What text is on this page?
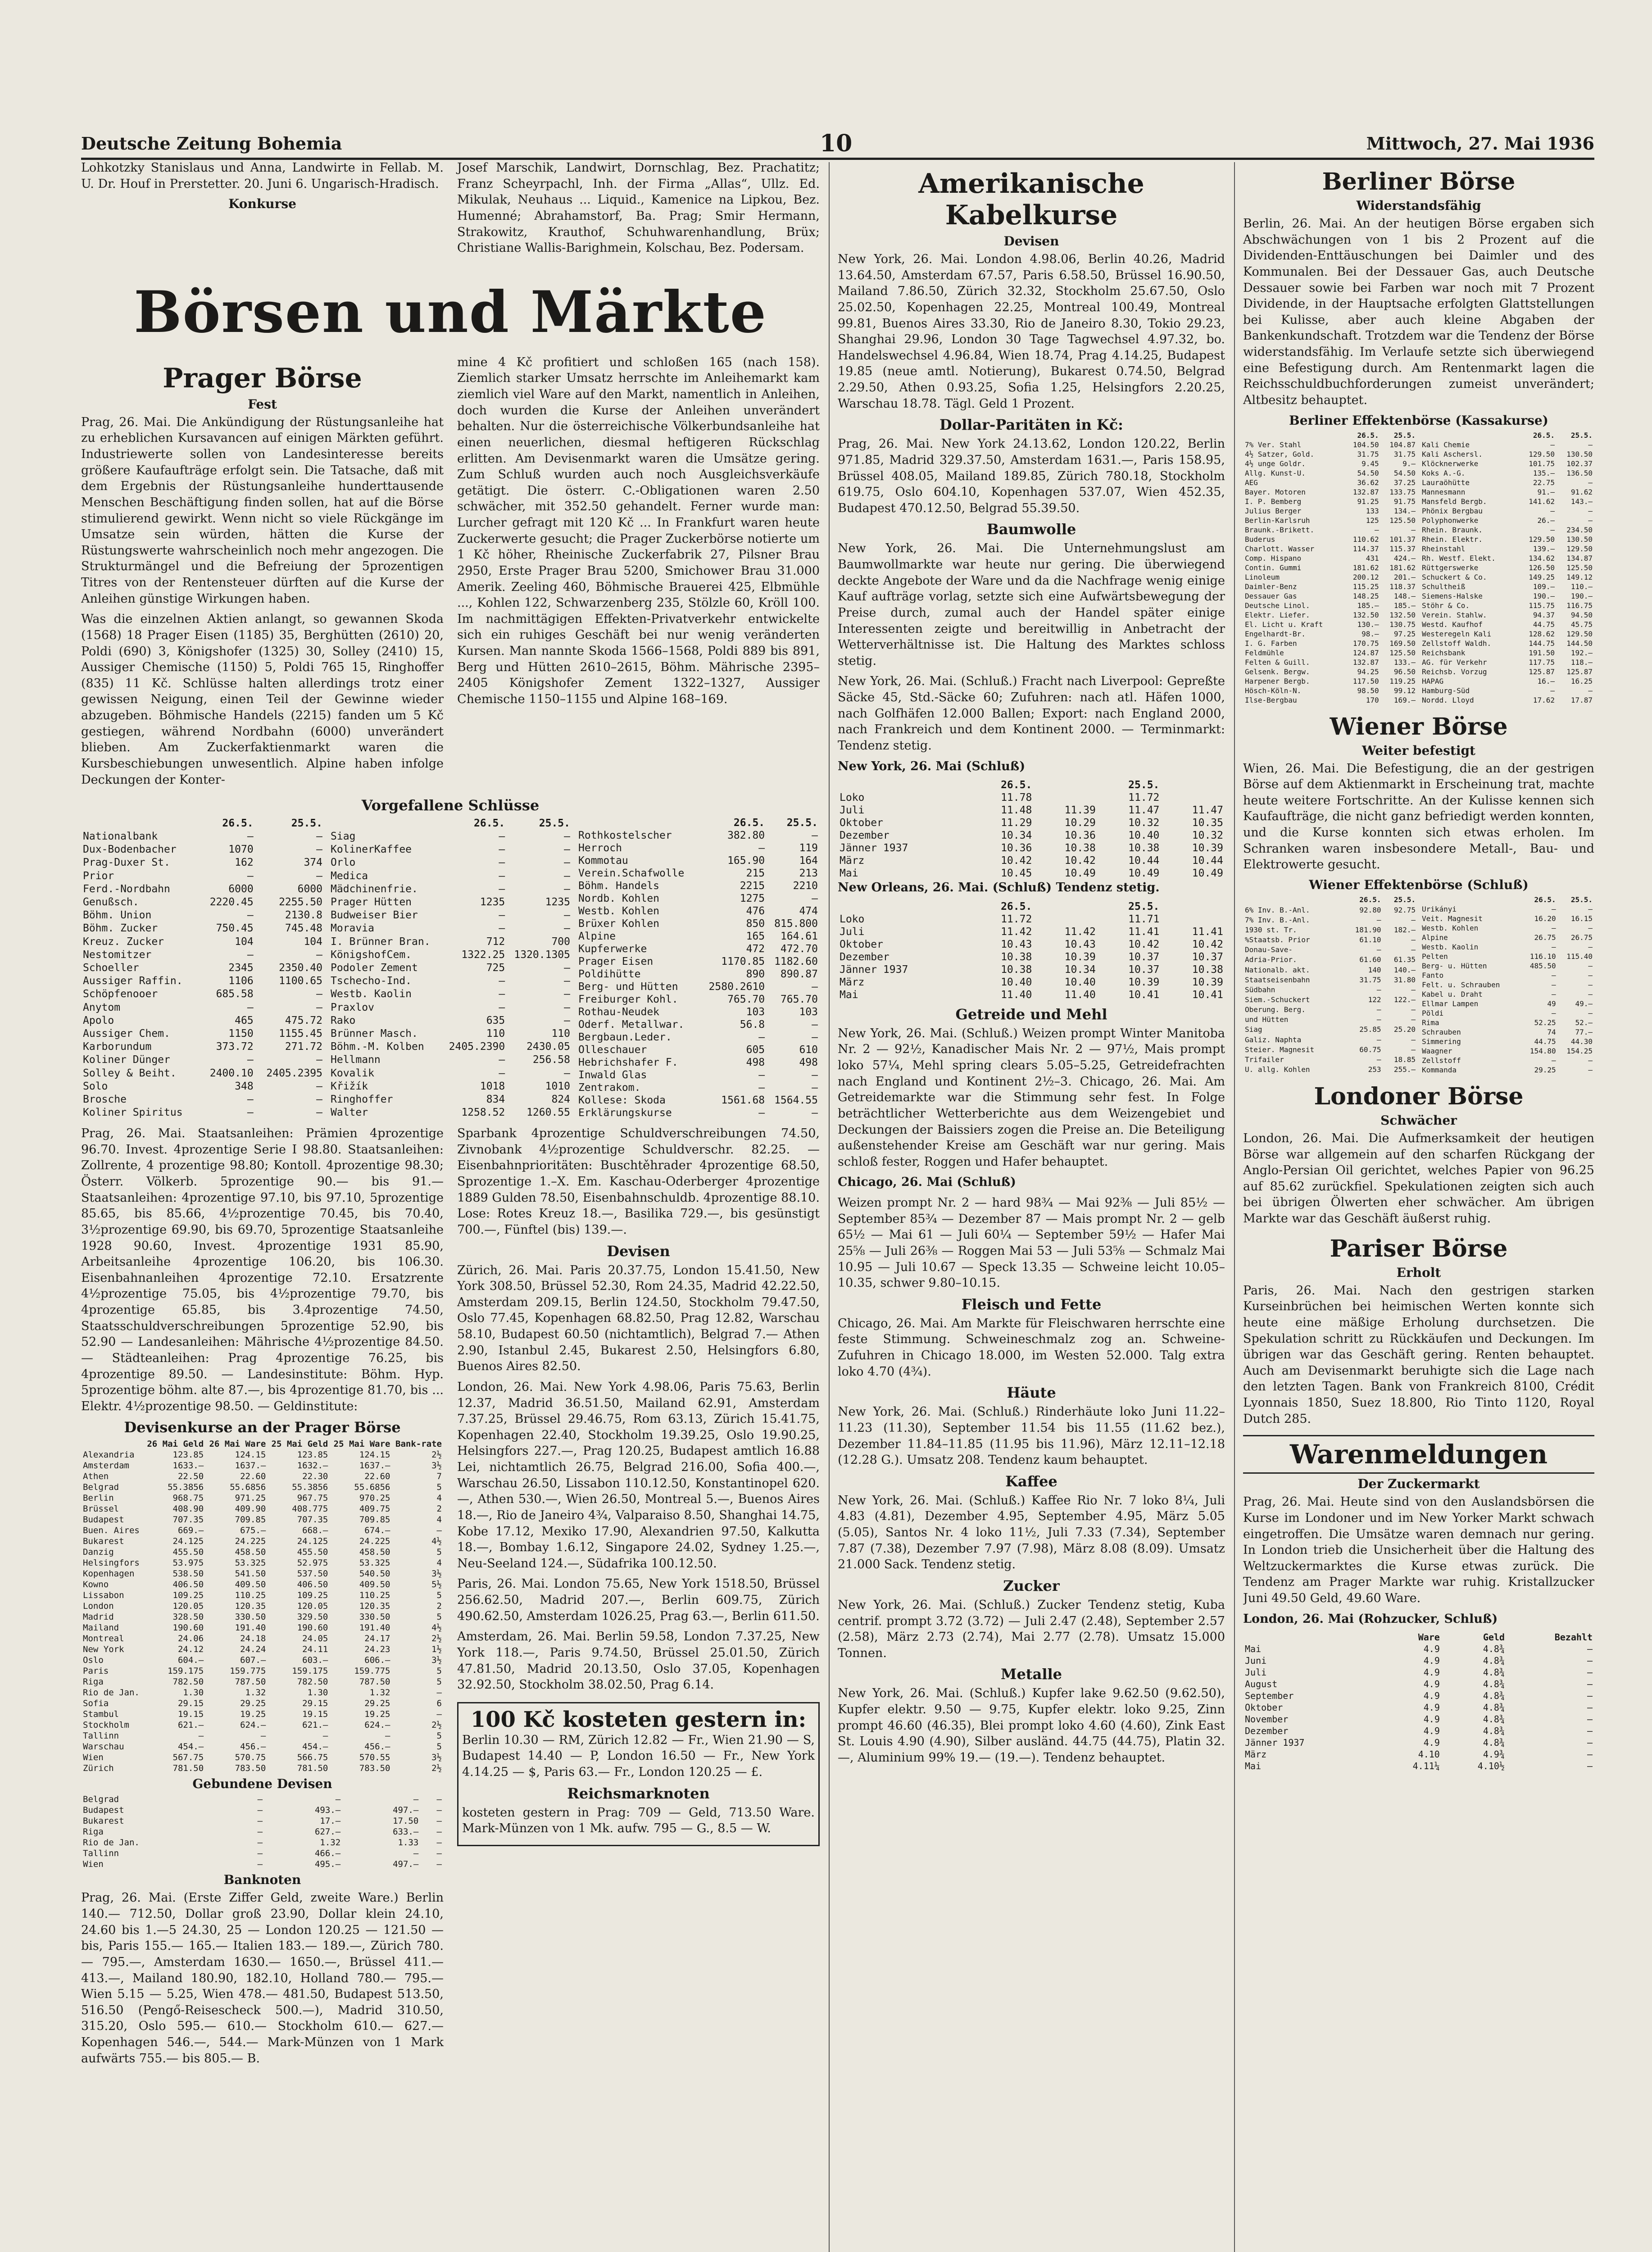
Deutsche Zeitung Bohemia	10	Mittwoch, 27. Mai 1936

Lohkotzky Stanislaus und Anna, Landwirte in Fellab. M. U. Dr. Houf in Prerstetter. 20. Juni 6. Ungarisch-Hradisch.

Konkurse

Josef Marschik, Landwirt, Dornschlag, Bez. Prachatitz; Franz Scheyrpachl, Inh. der Firma „Allas“, Ullz. Ed. Mikulak, Neuhaus ... Liquid., Kamenice na Lipkou, Bez. Humenné; Abrahamstorf, Ba. Prag; Smir Hermann, Strakowitz, Krauthof, Schuhwarenhandlung, Brüx; Christiane Wallis-Barighmein, Kolschau, Bez. Podersam.

Börsen und Märkte
Prager Börse
Fest

Prag, 26. Mai. Die Ankündigung der Rüstungsanleihe hat zu erheblichen Kursavancen auf einigen Märkten geführt. Industriewerte sollen von Landesinteresse bereits größere Kaufaufträge erfolgt sein. Die Tatsache, daß mit dem Ergebnis der Rüstungsanleihe hunderttausende Menschen Beschäftigung finden sollen, hat auf die Börse stimulierend gewirkt. Wenn nicht so viele Rückgänge im Umsatze sein würden, hätten die Kurse der Rüstungswerte wahrscheinlich noch mehr angezogen. Die Strukturmängel und die Befreiung der 5prozentigen Titres von der Rentensteuer dürften auf die Kurse der Anleihen günstige Wirkungen haben.

Was die einzelnen Aktien anlangt, so gewannen Skoda (1568) 18 Prager Eisen (1185) 35, Berghütten (2610) 20, Poldi (690) 3, Königshofer (1325) 30, Solley (2410) 15, Aussiger Chemische (1150) 5, Poldi 765 15, Ringhoffer (835) 11 Kč. Schlüsse halten allerdings trotz einer gewissen Neigung, einen Teil der Gewinne wieder abzugeben. Böhmische Handels (2215) fanden um 5 Kč gestiegen, während Nordbahn (6000) unverändert blieben. Am Zuckerfaktienmarkt waren die Kursbeschiebungen unwesentlich. Alpine haben infolge Deckungen der Konter-

mine 4 Kč profitiert und schloßen 165 (nach 158). Ziemlich starker Umsatz herrschte im Anleihemarkt kam ziemlich viel Ware auf den Markt, namentlich in Anleihen, doch wurden die Kurse der Anleihen unverändert behalten. Nur die österreichische Völkerbundsanleihe hat einen neuerlichen, diesmal heftigeren Rückschlag erlitten. Am Devisenmarkt waren die Umsätze gering. Zum Schluß wurden auch noch Ausgleichsverkäufe getätigt. Die österr. C.-Obligationen waren 2.50 schwächer, mit 352.50 gehandelt. Ferner wurde man: Lurcher gefragt mit 120 Kč ... In Frankfurt waren heute Zuckerwerte gesucht; die Prager Zuckerbörse notierte um 1 Kč höher, Rheinische Zuckerfabrik 27, Pilsner Brau 2950, Erste Prager Brau 5200, Smichower Brau 31.000 Amerik. Zeeling 460, Böhmische Brauerei 425, Elbmühle ..., Kohlen 122, Schwarzenberg 235, Stölzle 60, Kröll 100. Im nachmittägigen Effekten-Privatverkehr entwickelte sich ein ruhiges Geschäft bei nur wenig veränderten Kursen. Man nannte Skoda 1566–1568, Poldi 889 bis 891, Berg und Hütten 2610–2615, Böhm. Mährische 2395–2405 Königshofer Zement 1322–1327, Aussiger Chemische 1150–1155 und Alpine 168–169.

Vorgefallene Schlüsse
	26.5.	25.5.
Nationalbank	—	—
Dux-Bodenbacher	1070	—
Prag-Duxer St.	162	374
Prior	—	—
Ferd.-Nordbahn	6000	6000
Genußsch.	2220.45	2255.50
Böhm. Union	—	2130.8
Böhm. Zucker	750.45	745.48
Kreuz. Zucker	104	104
Nestomitzer	—	—
Schoeller	2345	2350.40
Aussiger Raffin.	1106	1100.65
Schöpfenooer	685.58	—
Anytom	—	—
Apolo	465	475.72
Aussiger Chem.	1150	1155.45
Karborundum	373.72	271.72
Koliner Dünger	—	—
Solley & Beiht.	2400.10	2405.2395
Solo	348	—
Brosche	—	—
Koliner Spiritus	—	—
	26.5.	25.5.
Siag	—	—
KolinerKaffee	—	—
Orlo	—	—
Medica	—	—
Mädchinenfrie.	—	—
Prager Hütten	1235	1235
Budweiser Bier	—	—
Moravia	—	—
I. Brünner Bran.	712	700
KönigshofCem.	1322.25	1320.1305
Podoler Zement	725	—
Tschecho-Ind.	—	—
Westb. Kaolin	—	—
Praxlov	—	—
Rako	635	—
Brünner Masch.	110	110
Böhm.-M. Kolben	2405.2390	2430.05
Hellmann	—	256.58
Kovalik	—	—
Křižík	1018	1010
Ringhoffer	834	824
Walter	1258.52	1260.55
	26.5.	25.5.
Rothkostelscher	382.80	—
Herroch	—	119
Kommotau	165.90	164
Verein.Schafwolle	215	213
Böhm. Handels	2215	2210
Nordb. Kohlen	1275	—
Westb. Kohlen	476	474
Brüxer Kohlen	850	815.800
Alpine	165	164.61
Kupferwerke	472	472.70
Prager Eisen	1170.85	1182.60
Poldihütte	890	890.87
Berg- und Hütten	2580.2610	—
Freiburger Kohl.	765.70	765.70
Rothau-Neudek	103	103
Oderf. Metallwar.	56.8	—
Bergbaun.Leder.	—	—
Olleschauer	605	610
Hebrichshafer F.	498	498
Inwald Glas	—	—
Zentrakom.	—	—
Kollese: Skoda	1561.68	1564.55
Erklärungskurse	—	—

Prag, 26. Mai. Staatsanleihen: Prämien 4prozentige 96.70. Invest. 4prozentige Serie I 98.80. Staatsanleihen: Zollrente, 4 prozentige 98.80; Kontoll. 4prozentige 98.30; Österr. Völkerb. 5prozentige 90.— bis 91.— Staatsanleihen: 4prozentige 97.10, bis 97.10, 5prozentige 85.65, bis 85.66, 4½prozentige 70.45, bis 70.40, 3½prozentige 69.90, bis 69.70, 5prozentige Staatsanleihe 1928 90.60, Invest. 4prozentige 1931 85.90, Arbeitsanleihe 4prozentige 106.20, bis 106.30. Eisenbahnanleihen 4prozentige 72.10. Ersatzrente 4½prozentige 75.05, bis 4½prozentige 79.70, bis 4prozentige 65.85, bis 3.4prozentige 74.50, Staatsschuldverschreibungen 5prozentige 52.90, bis 52.90 — Landesanleihen: Mährische 4½prozentige 84.50. — Städteanleihen: Prag 4prozentige 76.25, bis 4prozentige 89.50. — Landesinstitute: Böhm. Hyp. 5prozentige böhm. alte 87.—, bis 4prozentige 81.70, bis ... Elektr. 4½prozentige 98.50. — Geldinstitute:

Devisenkurse an der Prager Börse
	26 Mai Geld	26 Mai Ware	25 Mai Geld	25 Mai Ware	Bank-rate
Alexandria	123.85	124.15	123.85	124.15	2½
Amsterdam	1633.—	1637.—	1632.—	1637.—	3½
Athen	22.50	22.60	22.30	22.60	7
Belgrad	55.3856	55.6856	55.3856	55.6856	5
Berlin	968.75	971.25	967.75	970.25	4
Brüssel	408.90	409.90	408.775	409.75	2
Budapest	707.35	709.85	707.35	709.85	4
Buen. Aires	669.—	675.—	668.—	674.—	—
Bukarest	24.125	24.225	24.125	24.225	4½
Danzig	455.50	458.50	455.50	458.50	5
Helsingfors	53.975	53.325	52.975	53.325	4
Kopenhagen	538.50	541.50	537.50	540.50	3½
Kowno	406.50	409.50	406.50	409.50	5½
Lissabon	109.25	110.25	109.25	110.25	5
London	120.05	120.35	120.05	120.35	2
Madrid	328.50	330.50	329.50	330.50	5
Mailand	190.60	191.40	190.60	191.40	4½
Montreal	24.06	24.18	24.05	24.17	2½
New York	24.12	24.24	24.11	24.23	1½
Oslo	604.—	607.—	603.—	606.—	3½
Paris	159.175	159.775	159.175	159.775	5
Riga	782.50	787.50	782.50	787.50	5
Rio de Jan.	1.30	1.32	1.30	1.32	—
Sofia	29.15	29.25	29.15	29.25	6
Stambul	19.15	19.25	19.15	19.25	—
Stockholm	621.—	624.—	621.—	624.—	2½
Tallinn	—	—	—	—	5
Warschau	454.—	456.—	454.—	456.—	5
Wien	567.75	570.75	566.75	570.55	3½
Zürich	781.50	783.50	781.50	783.50	2½
Gebundene Devisen
Belgrad	—	—	—	—
Budapest	—	493.—	497.—	—
Bukarest	—	17.—	17.50	—
Riga	—	627.—	633.—	—
Rio de Jan.	—	1.32	1.33	—
Tallinn	—	466.—	—	—
Wien	—	495.—	497.—	—
Banknoten

Prag, 26. Mai. (Erste Ziffer Geld, zweite Ware.) Berlin 140.— 712.50, Dollar groß 23.90, Dollar klein 24.10, 24.60 bis 1.—5 24.30, 25 — London 120.25 — 121.50 — bis, Paris 155.— 165.— Italien 183.— 189.—, Zürich 780.— 795.—, Amsterdam 1630.— 1650.—, Brüssel 411.— 413.—, Mailand 180.90, 182.10, Holland 780.— 795.— Wien 5.15 — 5.25, Wien 478.— 481.50, Budapest 513.50, 516.50 (Pengő-Reisescheck 500.—), Madrid 310.50, 315.20, Oslo 595.— 610.— Stockholm 610.— 627.— Kopenhagen 546.—, 544.— Mark-Münzen von 1 Mark aufwärts 755.— bis 805.— B.

Sparbank 4prozentige Schuldverschreibungen 74.50, Zivnobank 4½prozentige Schuldverschr. 82.25. — Eisenbahnprioritäten: Buschtěhrader 4prozentige 68.50, Sprozentige 1.–X. Em. Kaschau-Oderberger 4prozentige 1889 Gulden 78.50, Eisenbahnschuldb. 4prozentige 88.10. Lose: Rotes Kreuz 18.—, Basilika 729.—, bis gesünstigt 700.—, Fünftel (bis) 139.—.

Devisen

Zürich, 26. Mai. Paris 20.37.75, London 15.41.50, New York 308.50, Brüssel 52.30, Rom 24.35, Madrid 42.22.50, Amsterdam 209.15, Berlin 124.50, Stockholm 79.47.50, Oslo 77.45, Kopenhagen 68.82.50, Prag 12.82, Warschau 58.10, Budapest 60.50 (nichtamtlich), Belgrad 7.— Athen 2.90, Istanbul 2.45, Bukarest 2.50, Helsingfors 6.80, Buenos Aires 82.50.

London, 26. Mai. New York 4.98.06, Paris 75.63, Berlin 12.37, Madrid 36.51.50, Mailand 62.91, Amsterdam 7.37.25, Brüssel 29.46.75, Rom 63.13, Zürich 15.41.75, Kopenhagen 22.40, Stockholm 19.39.25, Oslo 19.90.25, Helsingfors 227.—, Prag 120.25, Budapest amtlich 16.88 Lei, nichtamtlich 26.75, Belgrad 216.00, Sofia 400.—, Warschau 26.50, Lissabon 110.12.50, Konstantinopel 620.—, Athen 530.—, Wien 26.50, Montreal 5.—, Buenos Aires 18.—, Rio de Janeiro 4¾, Valparaiso 8.50, Shanghai 14.75, Kobe 17.12, Mexiko 17.90, Alexandrien 97.50, Kalkutta 18.—, Bombay 1.6.12, Singapore 24.02, Sydney 1.25.—, Neu-Seeland 124.—, Südafrika 100.12.50.

Paris, 26. Mai. London 75.65, New York 1518.50, Brüssel 256.62.50, Madrid 207.—, Berlin 609.75, Zürich 490.62.50, Amsterdam 1026.25, Prag 63.—, Berlin 611.50.

Amsterdam, 26. Mai. Berlin 59.58, London 7.37.25, New York 118.—, Paris 9.74.50, Brüssel 25.01.50, Zürich 47.81.50, Madrid 20.13.50, Oslo 37.05, Kopenhagen 32.92.50, Stockholm 38.02.50, Prag 6.14.

100 Kč kosteten gestern in:

Berlin 10.30 — RM, Zürich 12.82 — Fr., Wien 21.90 — S, Budapest 14.40 — P, London 16.50 — Fr., New York 4.14.25 — $, Paris 63.— Fr., London 120.25 — £.

Reichsmarknoten

kosteten gestern in Prag: 709 — Geld, 713.50 Ware. Mark-Münzen von 1 Mk. aufw. 795 — G., 8.5 — W.

Amerikanische Kabelkurse
Devisen

New York, 26. Mai. London 4.98.06, Berlin 40.26, Madrid 13.64.50, Amsterdam 67.57, Paris 6.58.50, Brüssel 16.90.50, Mailand 7.86.50, Zürich 32.32, Stockholm 25.67.50, Oslo 25.02.50, Kopenhagen 22.25, Montreal 100.49, Montreal 99.81, Buenos Aires 33.30, Rio de Janeiro 8.30, Tokio 29.23, Shanghai 29.96, London 30 Tage Tagwechsel 4.97.32, bo. Handelswechsel 4.96.84, Wien 18.74, Prag 4.14.25, Budapest 19.85 (neue amtl. Notierung), Bukarest 0.74.50, Belgrad 2.29.50, Athen 0.93.25, Sofia 1.25, Helsingfors 2.20.25, Warschau 18.78. Tägl. Geld 1 Prozent.

Dollar-Paritäten in Kč:

Prag, 26. Mai. New York 24.13.62, London 120.22, Berlin 971.85, Madrid 329.37.50, Amsterdam 1631.—, Paris 158.95, Brüssel 408.05, Mailand 189.85, Zürich 780.18, Stockholm 619.75, Oslo 604.10, Kopenhagen 537.07, Wien 452.35, Budapest 470.12.50, Belgrad 55.39.50.

Baumwolle

New York, 26. Mai. Die Unternehmungslust am Baumwollmarkte war heute nur gering. Die überwiegend deckte Angebote der Ware und da die Nachfrage wenig einige Kauf aufträge vorlag, setzte sich eine Aufwärtsbewegung der Preise durch, zumal auch der Handel später einige Interessenten zeigte und bereitwillig in Anbetracht der Wetterverhältnisse ist. Die Haltung des Marktes schloss stetig.

New York, 26. Mai. (Schluß.) Fracht nach Liverpool: Gepreßte Säcke 45, Std.-Säcke 60; Zufuhren: nach atl. Häfen 1000, nach Golfhäfen 12.000 Ballen; Export: nach England 2000, nach Frankreich und dem Kontinent 2000. — Terminmarkt: Tendenz stetig.

New York, 26. Mai (Schluß)

	26.5.		25.5.	
Loko	11.78		11.72	
Juli	11.48	11.39	11.47	11.47
Oktober	11.29	10.29	10.32	10.35
Dezember	10.34	10.36	10.40	10.32
Jänner 1937	10.36	10.38	10.38	10.39
März	10.42	10.42	10.44	10.44
Mai	10.45	10.49	10.49	10.49

New Orleans, 26. Mai. (Schluß) Tendenz stetig.

	26.5.		25.5.	
Loko	11.72		11.71	
Juli	11.42	11.42	11.41	11.41
Oktober	10.43	10.43	10.42	10.42
Dezember	10.38	10.39	10.37	10.37
Jänner 1937	10.38	10.34	10.37	10.38
März	10.40	10.40	10.39	10.39
Mai	11.40	11.40	10.41	10.41
Getreide und Mehl

New York, 26. Mai. (Schluß.) Weizen prompt Winter Manitoba Nr. 2 — 92½, Kanadischer Mais Nr. 2 — 97½, Mais prompt loko 57¼, Mehl spring clears 5.05–5.25, Getreidefrachten nach England und Kontinent 2½–3. Chicago, 26. Mai. Am Getreidemarkte war die Stimmung sehr fest. In Folge beträchtlicher Wetterberichte aus dem Weizengebiet und Deckungen der Baissiers zogen die Preise an. Die Beteiligung außenstehender Kreise am Geschäft war nur gering. Mais schloß fester, Roggen und Hafer behauptet.

Chicago, 26. Mai (Schluß)

Weizen prompt Nr. 2 — hard 98¾ — Mai 92⅜ — Juli 85½ — September 85¾ — Dezember 87 — Mais prompt Nr. 2 — gelb 65½ — Mai 61 — Juli 60¼ — September 59½ — Hafer Mai 25⅝ — Juli 26⅜ — Roggen Mai 53 — Juli 53⅝ — Schmalz Mai 10.95 — Juli 10.67 — Speck 13.35 — Schweine leicht 10.05–10.35, schwer 9.80–10.15.

Fleisch und Fette

Chicago, 26. Mai. Am Markte für Fleischwaren herrschte eine feste Stimmung. Schweineschmalz zog an. Schweine-Zufuhren in Chicago 18.000, im Westen 52.000. Talg extra loko 4.70 (4¾).

Häute

New York, 26. Mai. (Schluß.) Rinderhäute loko Juni 11.22–11.23 (11.30), September 11.54 bis 11.55 (11.62 bez.), Dezember 11.84–11.85 (11.95 bis 11.96), März 12.11–12.18 (12.28 G.). Umsatz 208. Tendenz kaum behauptet.

Kaffee

New York, 26. Mai. (Schluß.) Kaffee Rio Nr. 7 loko 8¼, Juli 4.83 (4.81), Dezember 4.95, September 4.95, März 5.05 (5.05), Santos Nr. 4 loko 11½, Juli 7.33 (7.34), September 7.87 (7.38), Dezember 7.97 (7.98), März 8.08 (8.09). Umsatz 21.000 Sack. Tendenz stetig.

Zucker

New York, 26. Mai. (Schluß.) Zucker Tendenz stetig, Kuba centrif. prompt 3.72 (3.72) — Juli 2.47 (2.48), September 2.57 (2.58), März 2.73 (2.74), Mai 2.77 (2.78). Umsatz 15.000 Tonnen.

Metalle

New York, 26. Mai. (Schluß.) Kupfer lake 9.62.50 (9.62.50), Kupfer elektr. 9.50 — 9.75, Kupfer elektr. loko 9.25, Zinn prompt 46.60 (46.35), Blei prompt loko 4.60 (4.60), Zink East St. Louis 4.90 (4.90), Silber ausländ. 44.75 (44.75), Platin 32.—, Aluminium 99% 19.— (19.—). Tendenz behauptet.

Berliner Börse
Widerstandsfähig

Berlin, 26. Mai. An der heutigen Börse ergaben sich Abschwächungen von 1 bis 2 Prozent auf die Dividenden-Enttäuschungen bei Daimler und des Kommunalen. Bei der Dessauer Gas, auch Deutsche Dessauer sowie bei Farben war noch mit 7 Prozent Dividende, in der Hauptsache erfolgten Glattstellungen bei Kulisse, aber auch kleine Abgaben der Bankenkundschaft. Trotzdem war die Tendenz der Börse widerstandsfähig. Im Verlaufe setzte sich überwiegend eine Befestigung durch. Am Rentenmarkt lagen die Reichsschuldbuchforderungen zumeist unverändert; Altbesitz behauptet.

Berliner Effektenbörse (Kassakurse)
	26.5.	25.5.
7% Ver. Stahl	104.50	104.87
4½ Satzer, Gold.	31.75	31.75
4½ unge Goldr.	9.45	9.—
Allg. Kunst-U.	54.50	54.50
AEG	36.62	37.25
Bayer. Motoren	132.87	133.75
I. P. Bemberg	91.25	91.75
Julius Berger	133	134.—
Berlin-Karlsruh	125	125.50
Braunk.-Brikett.	—	—
Buderus	110.62	101.37
Charlott. Wasser	114.37	115.37
Comp. Hispano	431	424.—
Contin. Gummi	181.62	181.62
Linoleum	200.12	201.—
Daimler-Benz	115.25	118.37
Dessauer Gas	148.25	148.—
Deutsche Linol.	185.—	185.—
Elektr. Liefer.	132.50	132.50
El. Licht u. Kraft	130.—	130.75
Engelhardt-Br.	98.—	97.25
I. G. Farben	170.75	169.50
Feldmühle	124.87	125.50
Felten & Guill.	132.87	133.—
Gelsenk. Bergw.	94.25	96.50
Harpener Bergb.	117.50	119.25
Hösch-Köln-N.	98.50	99.12
Ilse-Bergbau	170	169.—
	26.5.	25.5.
Kali Chemie	—	—
Kali Aschersl.	129.50	130.50
Klöcknerwerke	101.75	102.37
Koks A.-G.	135.—	136.50
Lauraöhütte	22.75	—
Mannesmann	91.—	91.62
Mansfeld Bergb.	141.62	143.—
Phönix Bergbau	—	—
Polyphonwerke	26.—	—
Rhein. Braunk.	—	234.50
Rhein. Elektr.	129.50	130.50
Rheinstahl	139.—	129.50
Rh. Westf. Elekt.	134.62	134.87
Rüttgerswerke	126.50	125.50
Schuckert & Co.	149.25	149.12
Schultheiß	109.—	110.—
Siemens-Halske	190.—	190.—
Stöhr & Co.	115.75	116.75
Verein. Stahlw.	94.37	94.50
Westd. Kaufhof	44.75	45.75
Westeregeln Kali	128.62	129.50
Zellstoff Waldh.	144.75	144.50
Reichsbank	191.50	192.—
AG. für Verkehr	117.75	118.—
Reichsb. Vorzug	125.87	125.87
HAPAG	16.—	16.25
Hamburg-Süd	—	—
Nordd. Lloyd	17.62	17.87
Wiener Börse
Weiter befestigt

Wien, 26. Mai. Die Befestigung, die an der gestrigen Börse auf dem Aktienmarkt in Erscheinung trat, machte heute weitere Fortschritte. An der Kulisse kennen sich Kaufaufträge, die nicht ganz befriedigt werden konnten, und die Kurse konnten sich etwas erholen. Im Schranken waren insbesondere Metall-, Bau- und Elektrowerte gesucht.

Wiener Effektenbörse (Schluß)
	26.5.	25.5.
6% Inv. B.-Anl.	92.80	92.75
7% Inv. B.-Anl.	—	—
1930 st. Tr.	181.90	182.—
%Staatsb. Prior	61.10	—
Donau-Save-	—	—
Adria-Prior.	61.60	61.35
Nationalb. akt.	140	140.—
Staatseisenbahn	31.75	31.80
Südbahn	—	—
Siem.-Schuckert	122	122.—
Oberung. Berg.	—	—
und Hütten	—	—
Siag	25.85	25.20
Galiz. Naphta	—	—
Steier. Magnesit	60.75	—
Trifailer	—	18.85
U. allg. Kohlen	253	255.—
	26.5.	25.5.
Urikányi	—	—
Veit. Magnesit	16.20	16.15
Westb. Kohlen	—	—
Alpine	26.75	26.75
Westb. Kaolin	—	—
Pelten	116.10	115.40
Berg- u. Hütten	485.50	—
Fanto	—	—
Felt. u. Schrauben	—	—
Kabel u. Draht	—	—
Ellmar Lampen	49	49.—
Pöldi	—	—
Rima	52.25	52.—
Schrauben	74	77.—
Simmering	44.75	44.30
Waagner	154.80	154.25
Zellstoff	—	—
Kommanda	29.25	—
Londoner Börse
Schwächer

London, 26. Mai. Die Aufmerksamkeit der heutigen Börse war allgemein auf den scharfen Rückgang der Anglo-Persian Oil gerichtet, welches Papier von 96.25 auf 85.62 zurückfiel. Spekulationen zeigten sich auch bei übrigen Ölwerten eher schwächer. Am übrigen Markte war das Geschäft äußerst ruhig.

Pariser Börse
Erholt

Paris, 26. Mai. Nach den gestrigen starken Kurseinbrüchen bei heimischen Werten konnte sich heute eine mäßige Erholung durchsetzen. Die Spekulation schritt zu Rückkäufen und Deckungen. Im übrigen war das Geschäft gering. Renten behauptet. Auch am Devisenmarkt beruhigte sich die Lage nach den letzten Tagen. Bank von Frankreich 8100, Crédit Lyonnais 1850, Suez 18.800, Rio Tinto 1120, Royal Dutch 285.

Warenmeldungen
Der Zuckermarkt

Prag, 26. Mai. Heute sind von den Auslandsbörsen die Kurse im Londoner und im New Yorker Markt schwach eingetroffen. Die Umsätze waren demnach nur gering. In London trieb die Unsicherheit über die Haltung des Weltzuckermarktes die Kurse etwas zurück. Die Tendenz am Prager Markte war ruhig. Kristallzucker Juni 49.50 Geld, 49.60 Ware.

London, 26. Mai (Rohzucker, Schluß)

	Ware	Geld	Bezahlt
Mai	4.9	4.8¾	—
Juni	4.9	4.8¾	—
Juli	4.9	4.8¾	—
August	4.9	4.8¾	—
September	4.9	4.8¾	—
Oktober	4.9	4.8¾	—
November	4.9	4.8¾	—
Dezember	4.9	4.8¾	—
Jänner 1937	4.9	4.8¾	—
März	4.10	4.9¾	—
Mai	4.11¼	4.10½	—
